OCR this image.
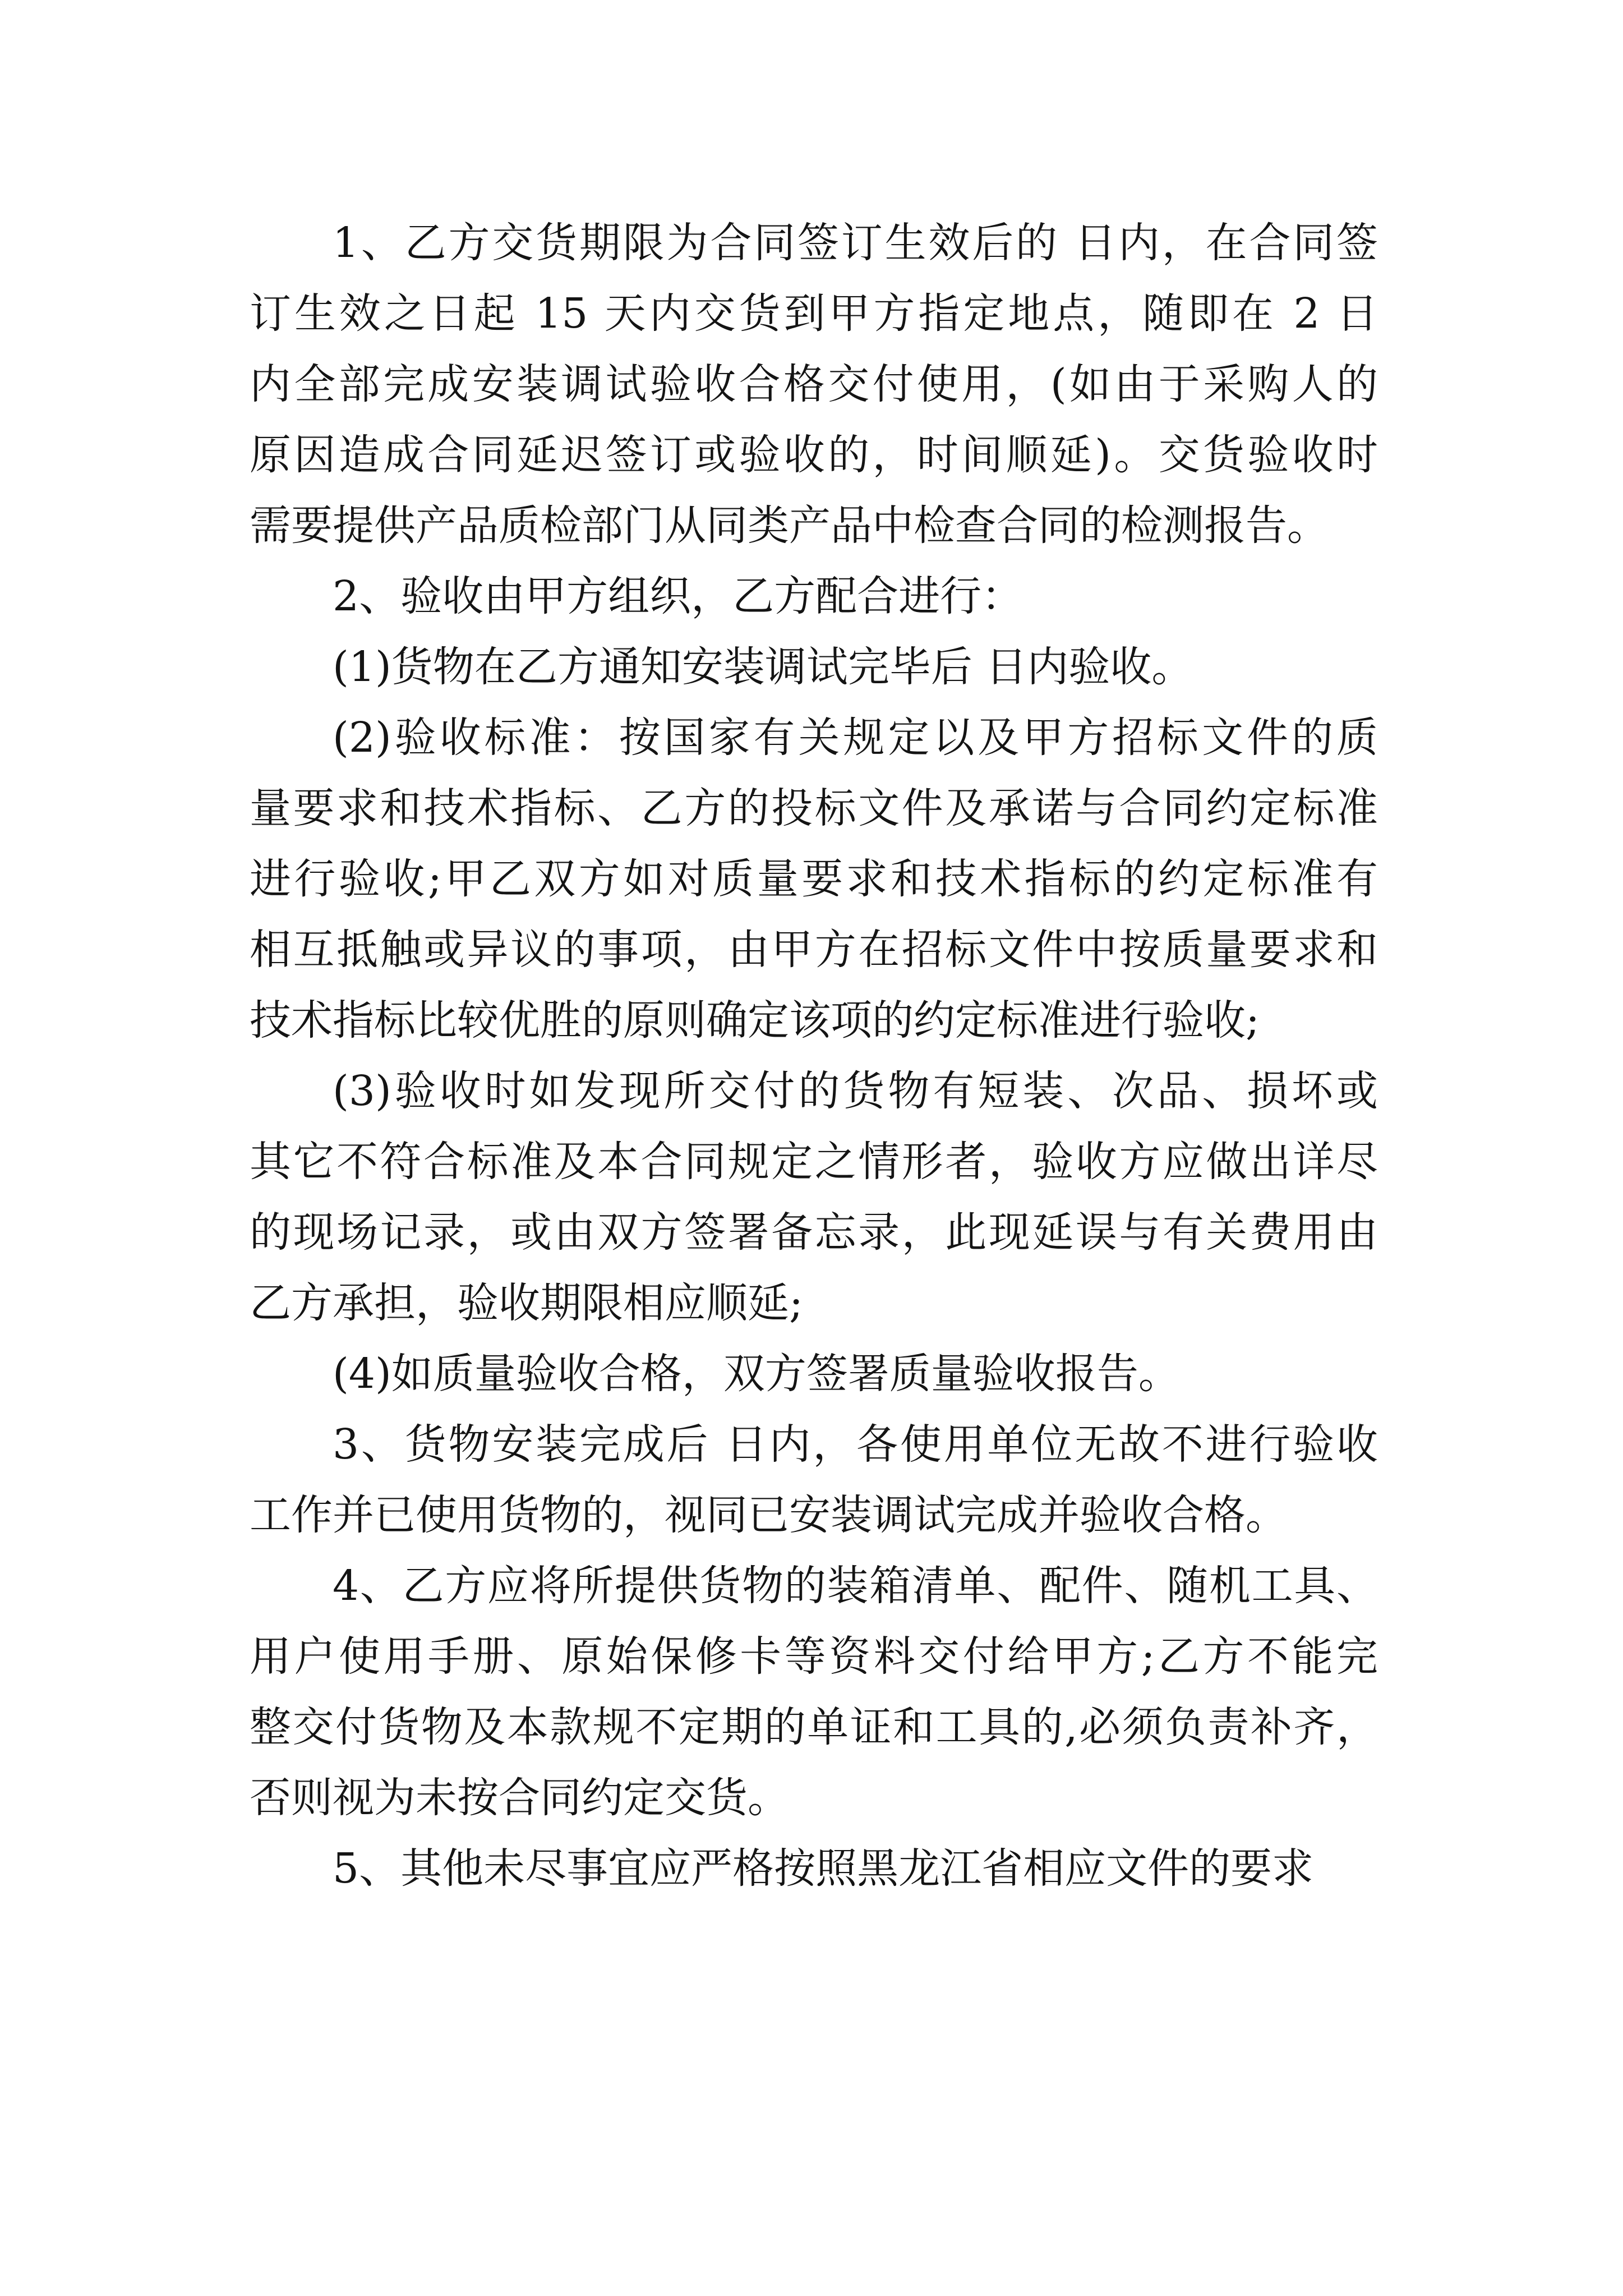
1、乙方交货期限为合同签订生效后的 日内，在合同签
订生效之日起 15 天内交货到甲方指定地点，随即在 2 日
内全部完成安装调试验收合格交付使用，(如由于采购人的
原因造成合同延迟签订或验收的，时间顺延)。交货验收时
需要提供产品质检部门从同类产品中检查合同的检测报告。
2、验收由甲方组织，乙方配合进行：
(1)货物在乙方通知安装调试完毕后 日内验收。
(2)验收标准：按国家有关规定以及甲方招标文件的质
量要求和技术指标、乙方的投标文件及承诺与合同约定标准
进行验收;甲乙双方如对质量要求和技术指标的约定标准有
相互抵触或异议的事项，由甲方在招标文件中按质量要求和
技术指标比较优胜的原则确定该项的约定标准进行验收;
(3)验收时如发现所交付的货物有短装、次品、损坏或
其它不符合标准及本合同规定之情形者，验收方应做出详尽
的现场记录，或由双方签署备忘录，此现延误与有关费用由
乙方承担，验收期限相应顺延;
(4)如质量验收合格，双方签署质量验收报告。
3、货物安装完成后 日内，各使用单位无故不进行验收
工作并已使用货物的，视同已安装调试完成并验收合格。
4、乙方应将所提供货物的装箱清单、配件、随机工具、
用户使用手册、原始保修卡等资料交付给甲方;乙方不能完
整交付货物及本款规不定期的单证和工具的,必须负责补齐，
否则视为未按合同约定交货。
5、其他未尽事宜应严格按照黑龙江省相应文件的要求
